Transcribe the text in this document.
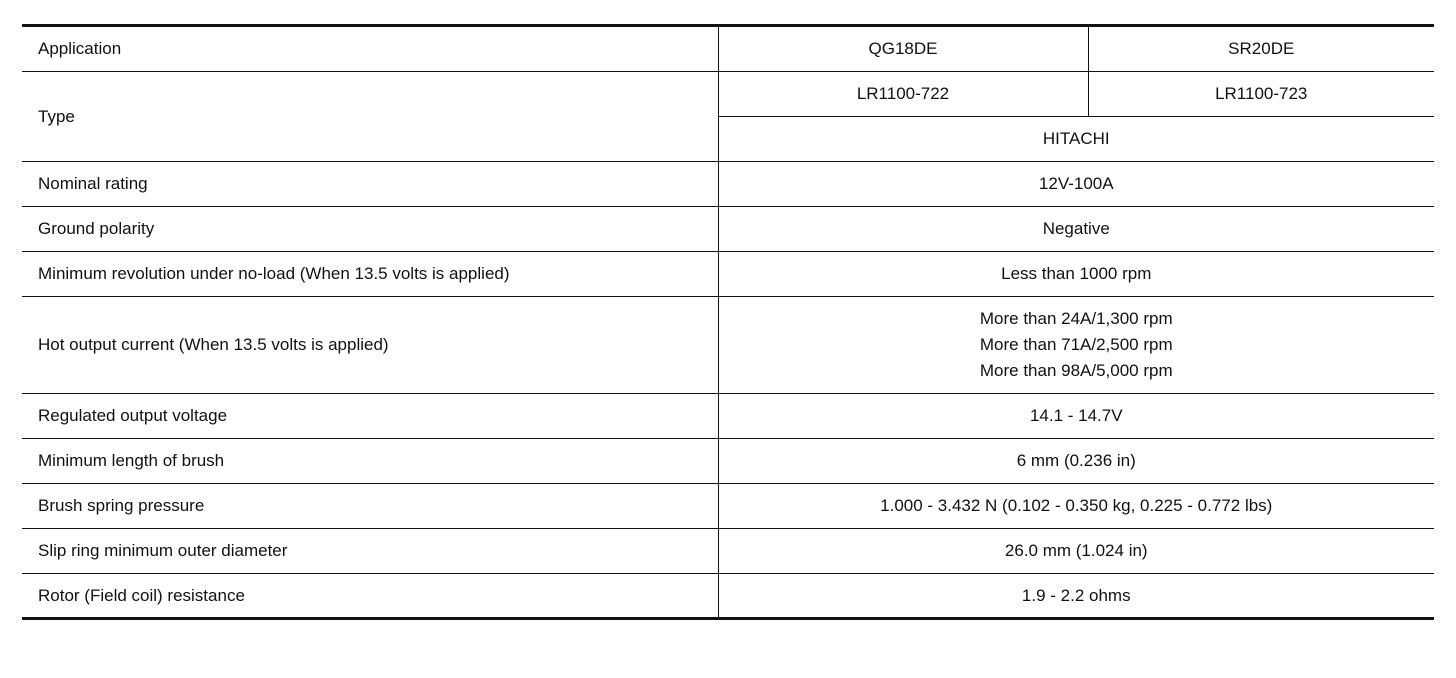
Application	QG18DE	SR20DE
Type	LR1100-722	LR1100-723
	HITACHI	
Nominal rating	12V-100A	
Ground polarity	Negative	
Minimum revolution under no-load (When 13.5 volts is applied)	Less than 1000 rpm	
Hot output current (When 13.5 volts is applied)	More than 24A/1,300 rpm
More than 71A/2,500 rpm
More than 98A/5,000 rpm	

Regulated output voltage	14.1 - 14.7V	
Minimum length of brush	6 mm (0.236 in)	
Brush spring pressure	1.000 - 3.432 N (0.102 - 0.350 kg, 0.225 - 0.772 lbs)	
Slip ring minimum outer diameter	26.0 mm (1.024 in)	
Rotor (Field coil) resistance	1.9 - 2.2 ohms	
